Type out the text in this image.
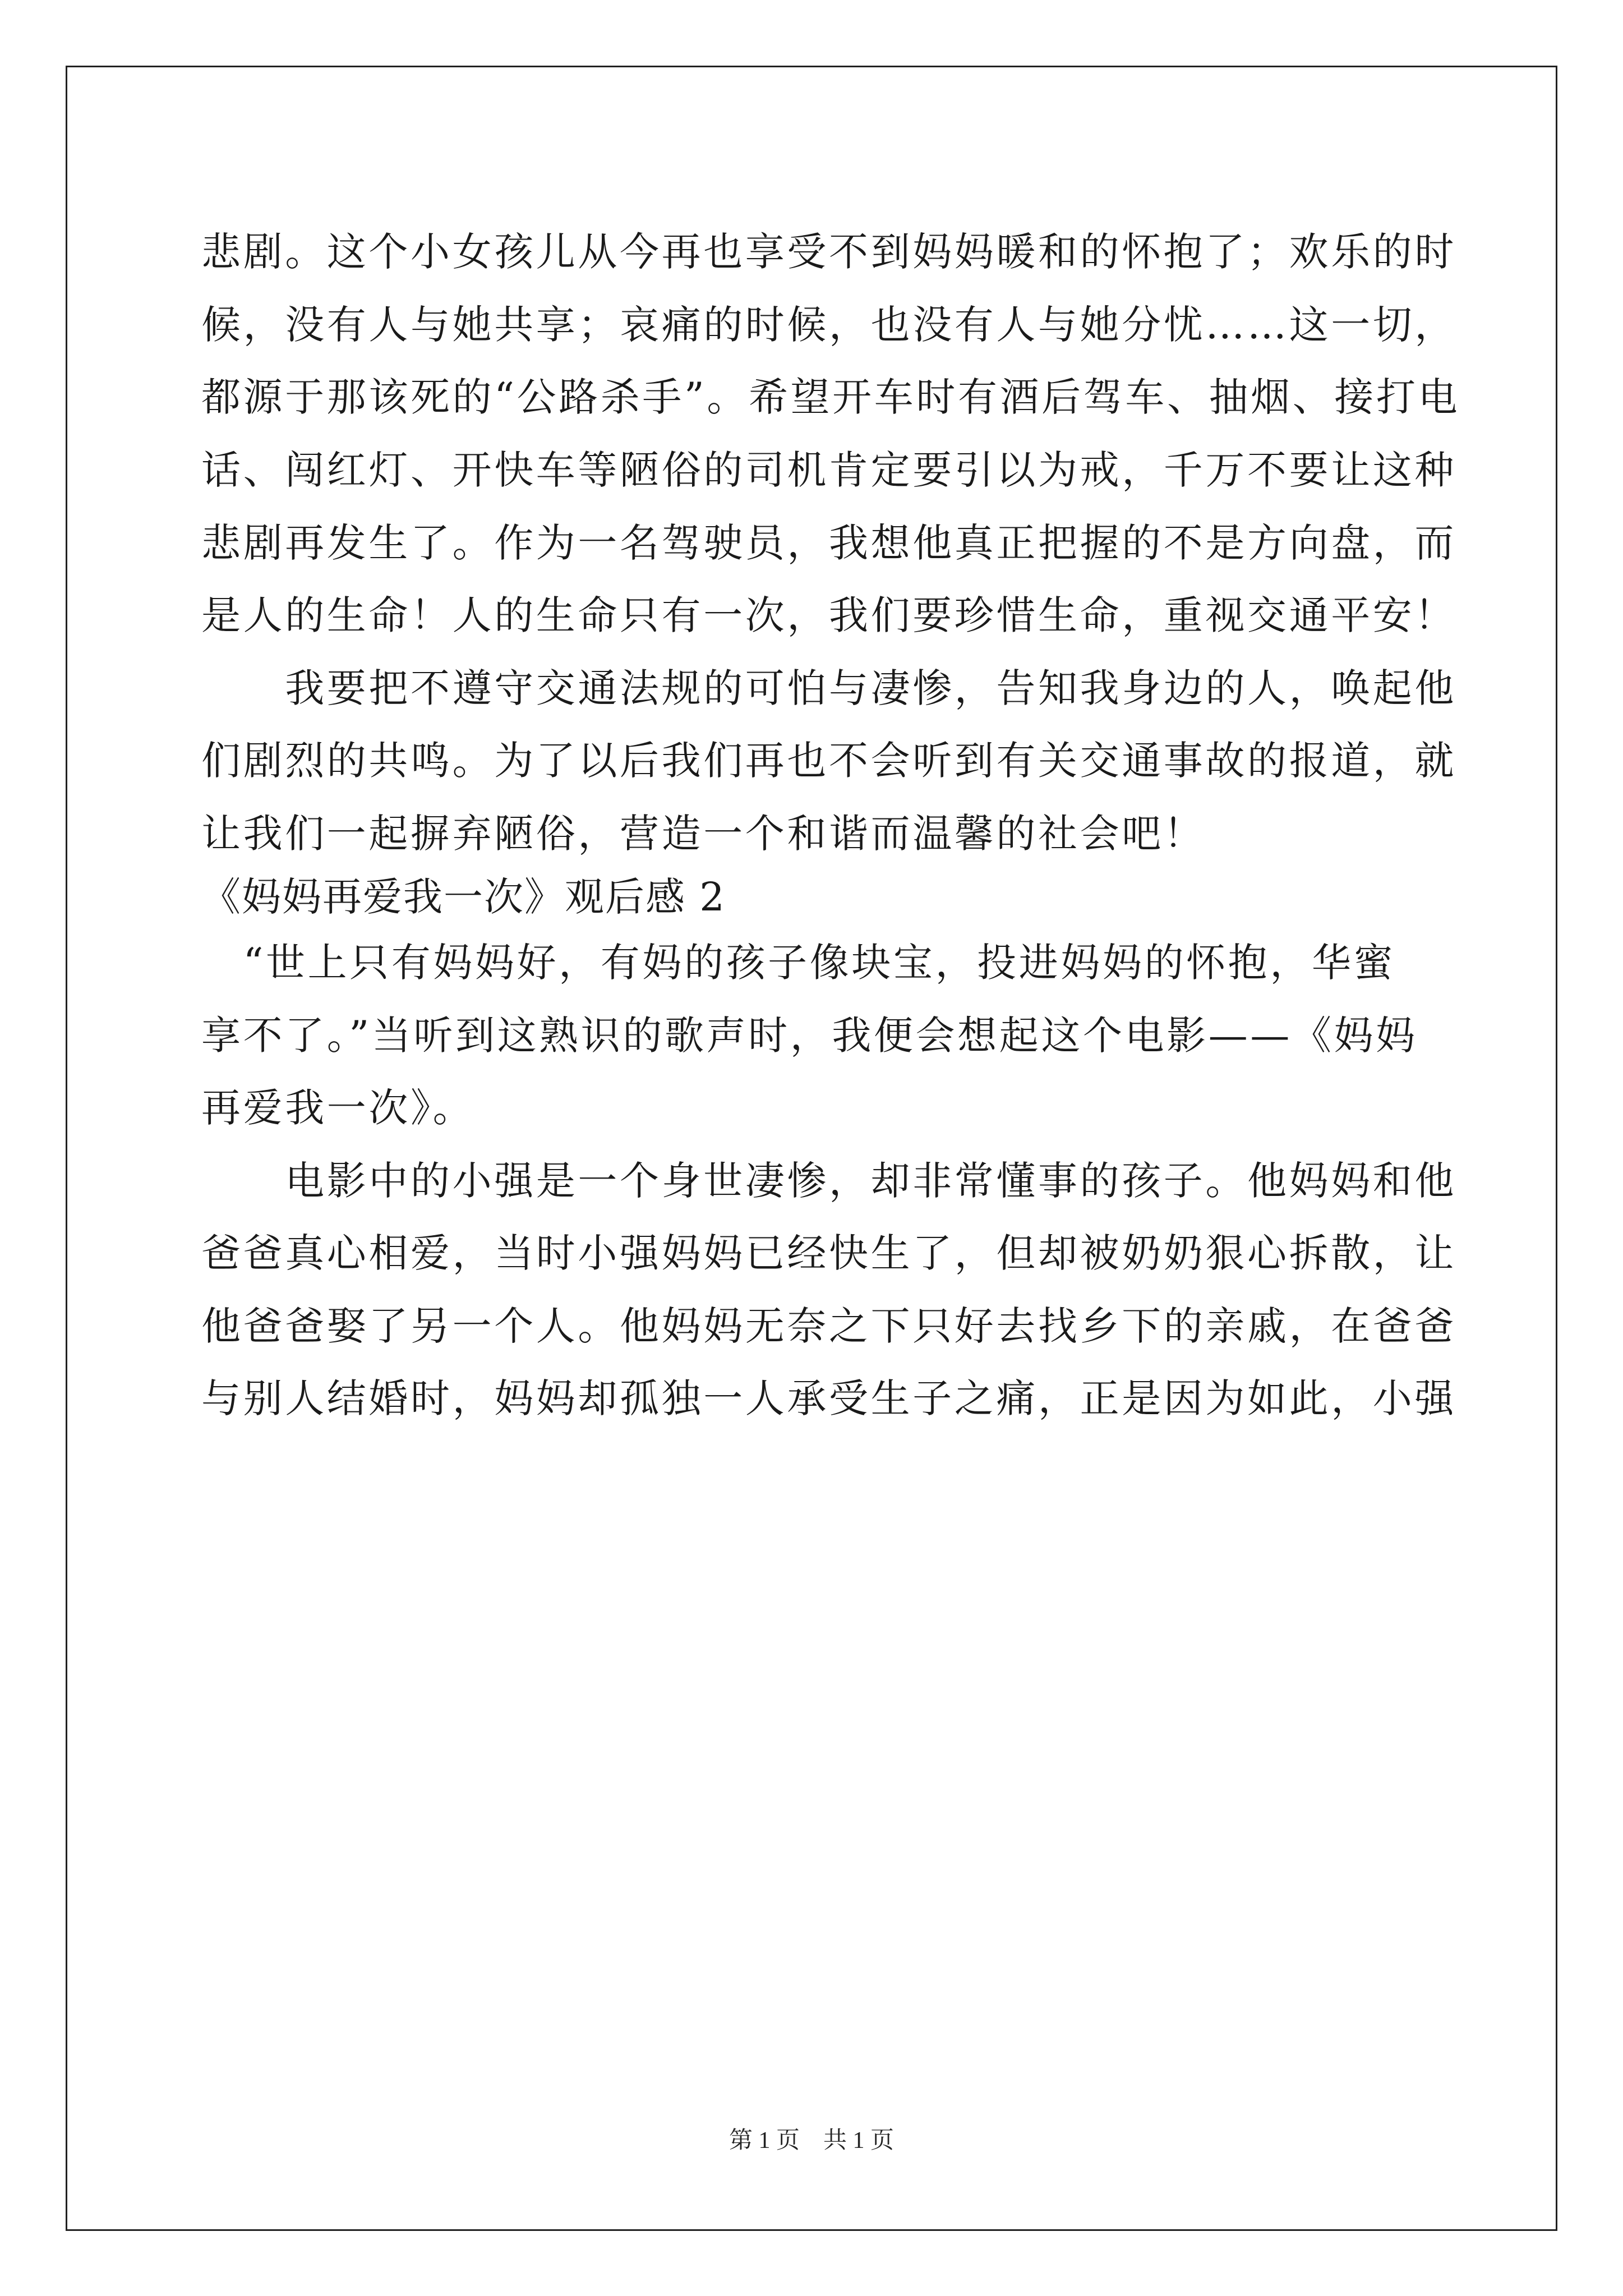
悲剧。这个小女孩儿从今再也享受不到妈妈暖和的怀抱了；欢乐的时
候，没有人与她共享；哀痛的时候，也没有人与她分忧……这一切，
都源于那该死的“公路杀手”。希望开车时有酒后驾车、抽烟、接打电
话、闯红灯、开快车等陋俗的司机肯定要引以为戒，千万不要让这种
悲剧再发生了。作为一名驾驶员，我想他真正把握的不是方向盘，而
是人的生命！人的生命只有一次，我们要珍惜生命，重视交通平安！
　　我要把不遵守交通法规的可怕与凄惨，告知我身边的人，唤起他
们剧烈的共鸣。为了以后我们再也不会听到有关交通事故的报道，就
让我们一起摒弃陋俗，营造一个和谐而温馨的社会吧！
《妈妈再爱我一次》观后感 2
　“世上只有妈妈好，有妈的孩子像块宝，投进妈妈的怀抱，华蜜
享不了。”当听到这熟识的歌声时，我便会想起这个电影——《妈妈
再爱我一次》。
　　电影中的小强是一个身世凄惨，却非常懂事的孩子。他妈妈和他
爸爸真心相爱，当时小强妈妈已经快生了，但却被奶奶狠心拆散，让
他爸爸娶了另一个人。他妈妈无奈之下只好去找乡下的亲戚，在爸爸
与别人结婚时，妈妈却孤独一人承受生子之痛，正是因为如此，小强
第 1 页　共 1 页
